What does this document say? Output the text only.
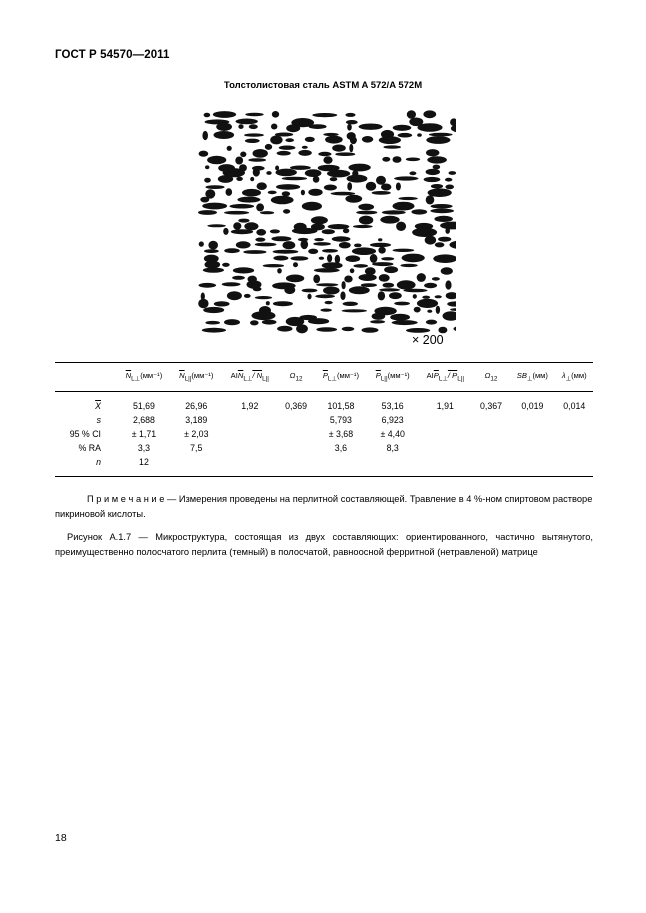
ГОСТ Р 54570—2011
Толстолистовая сталь ASTM A 572/A 572M
× 200
	$\overline{N}_{L\perp}(мм^{-1})$	$\overline{N}_{L||}(мм^{-1})$	$AI\overline{N}_{L\perp}/$ $N_{L||}$	$\Omega_{12}$	$\overline{P}_{L\perp}(мм^{-1})$	$\overline{P}_{L||}(мм^{-1})$	$AI\overline{P}_{L\perp}/$ $P_{L||}$	$\Omega_{12}$	$SB_\perp(мм)$	$\lambda_\perp(мм)$
$\overline{X}$	51,69	26,96	1,92	0,369	101,58	53,16	1,91	0,367	0,019	0,014
s	2,688	3,189			5,793	6,923				
95 % CI	± 1,71	± 2,03			± 3,68	± 4,40				
% RA	3,3	7,5			3,6	8,3				
n	12									
П р и м е ч а н и е — Измерения проведены на перлитной составляющей. Травление в 4 %-ном спиртовом растворе пикриновой кислоты.
Рисунок А.1.7 — Микроструктура, состоящая из двух составляющих: ориентированного, частично вытянутого, преимущественно полосчатого перлита (темный) в полосчатой, равноосной ферритной (нетравленой) матрице
18
